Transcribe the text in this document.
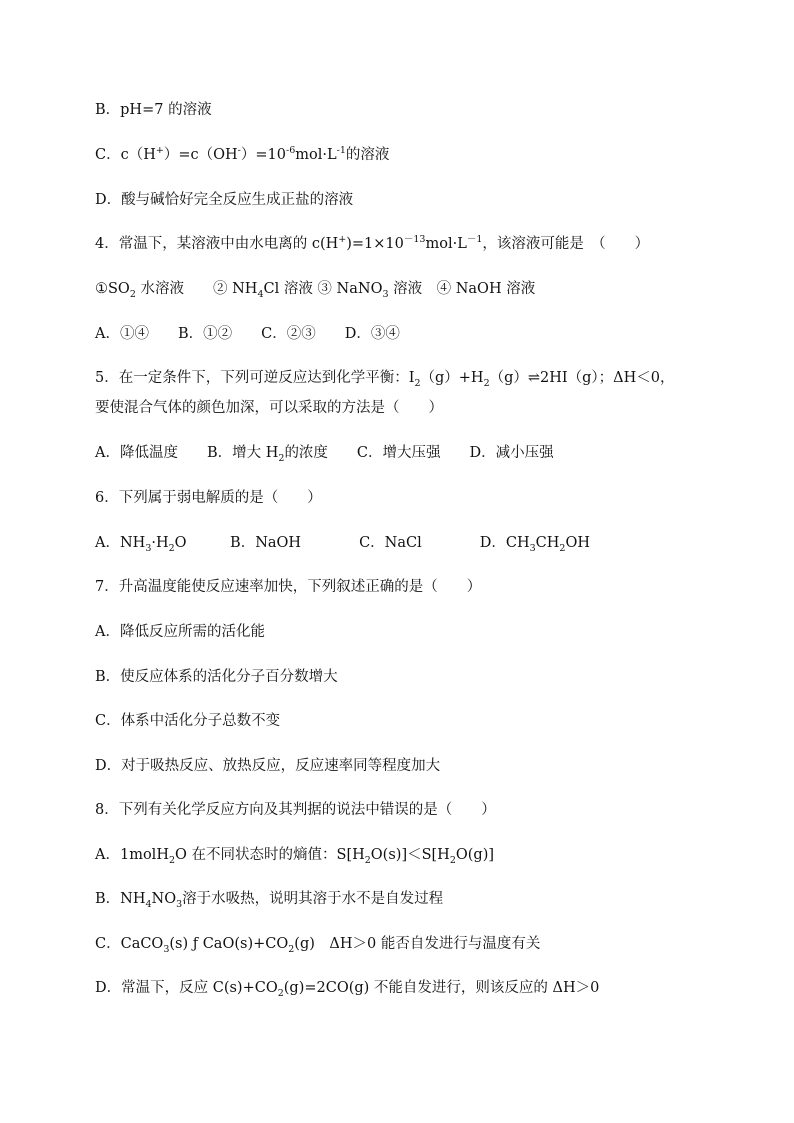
B．pH=7 的溶液
C．$c(H^+)=c(OH^-)=10^{-6}mol\cdot L^{-1}$的溶液
D．酸与碱恰好完全反应生成正盐的溶液
4．常温下，某溶液中由水电离的 $c(H^+)=1\times 10^{-13}mol\cdot L^{-1}$，该溶液可能是　（　　）
$①SO_2$ 水溶液　　② $NH_4Cl$ 溶液 ③ NaNO$_3$ 溶液　④ NaOH 溶液
A．①④　　B．①②　　C．②③　　D．③④
5．在一定条件下，下列可逆反应达到化学平衡：$I_2(g)+H_2(g)\rightleftharpoons 2HI(g)$；ΔH＜0，
要使混合气体的颜色加深，可以采取的方法是（　　）
A．降低温度　　B．增大 $H_2$的浓度　　C．增大压强　　D．减小压强
6．下列属于弱电解质的是（　　）
A．$NH_3\cdot H_2O$　　　B．NaOH　　　　C．NaCl　　　　D．$CH_3CH_2OH$
7．升高温度能使反应速率加快，下列叙述正确的是（　　）
A．降低反应所需的活化能
B．使反应体系的活化分子百分数增大
C．体系中活化分子总数不变
D．对于吸热反应、放热反应，反应速率同等程度加大
8．下列有关化学反应方向及其判据的说法中错误的是（　　）
A．1molH$_2$O 在不同状态时的熵值：$S[H_2O(s)]<S[H_2O(g)]$
B．$NH_4NO_3$溶于水吸热，说明其溶于水不是自发过程
C．CaCO$_3$(s) ƒ $CaO(s)+CO_2(g)$　ΔH＞0 能否自发进行与温度有关
D．常温下，反应 $C(s)+CO_2(g)=2CO(g)$ 不能自发进行，则该反应的 ΔH＞0
